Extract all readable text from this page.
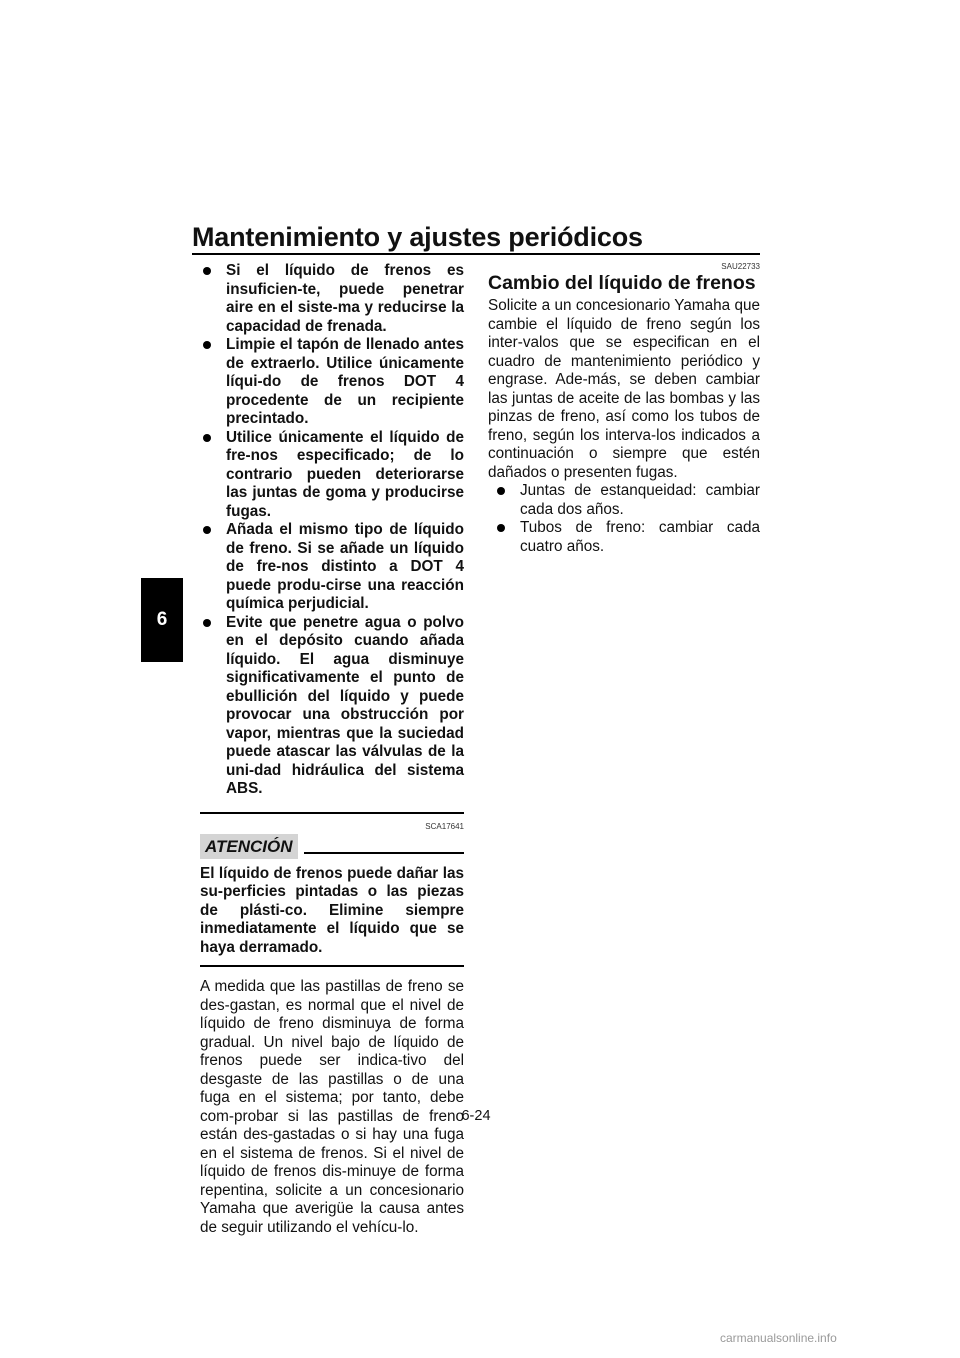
Mantenimiento y ajustes periódicos
6
Si el líquido de frenos es insuficien-te, puede penetrar aire en el siste-ma y reducirse la capacidad de frenada.
Limpie el tapón de llenado antes de extraerlo. Utilice únicamente líqui-do de frenos DOT 4 procedente de un recipiente precintado.
Utilice únicamente el líquido de fre-nos especificado; de lo contrario pueden deteriorarse las juntas de goma y producirse fugas.
Añada el mismo tipo de líquido de freno. Si se añade un líquido de fre-nos distinto a DOT 4 puede produ-cirse una reacción química perjudicial.
Evite que penetre agua o polvo en el depósito cuando añada líquido. El agua disminuye significativamente el punto de ebullición del líquido y puede provocar una obstrucción por vapor, mientras que la suciedad puede atascar las válvulas de la uni-dad hidráulica del sistema ABS.
SCA17641
ATENCIÓN
El líquido de frenos puede dañar las su-perficies pintadas o las piezas de plásti-co. Elimine siempre inmediatamente el líquido que se haya derramado.

A medida que las pastillas de freno se des-gastan, es normal que el nivel de líquido de freno disminuya de forma gradual. Un nivel bajo de líquido de frenos puede ser indica-tivo del desgaste de las pastillas o de una fuga en el sistema; por tanto, debe com-probar si las pastillas de freno están des-gastadas o si hay una fuga en el sistema de frenos. Si el nivel de líquido de frenos dis-minuye de forma repentina, solicite a un concesionario Yamaha que averigüe la causa antes de seguir utilizando el vehícu-lo.

SAU22733
Cambio del líquido de frenos

Solicite a un concesionario Yamaha que cambie el líquido de freno según los inter-valos que se especifican en el cuadro de mantenimiento periódico y engrase. Ade-más, se deben cambiar las juntas de aceite de las bombas y las pinzas de freno, así como los tubos de freno, según los interva-los indicados a continuación o siempre que estén dañados o presenten fugas.

Juntas de estanqueidad: cambiar cada dos años.
Tubos de freno: cambiar cada cuatro años.
6-24
carmanualsonline.info
